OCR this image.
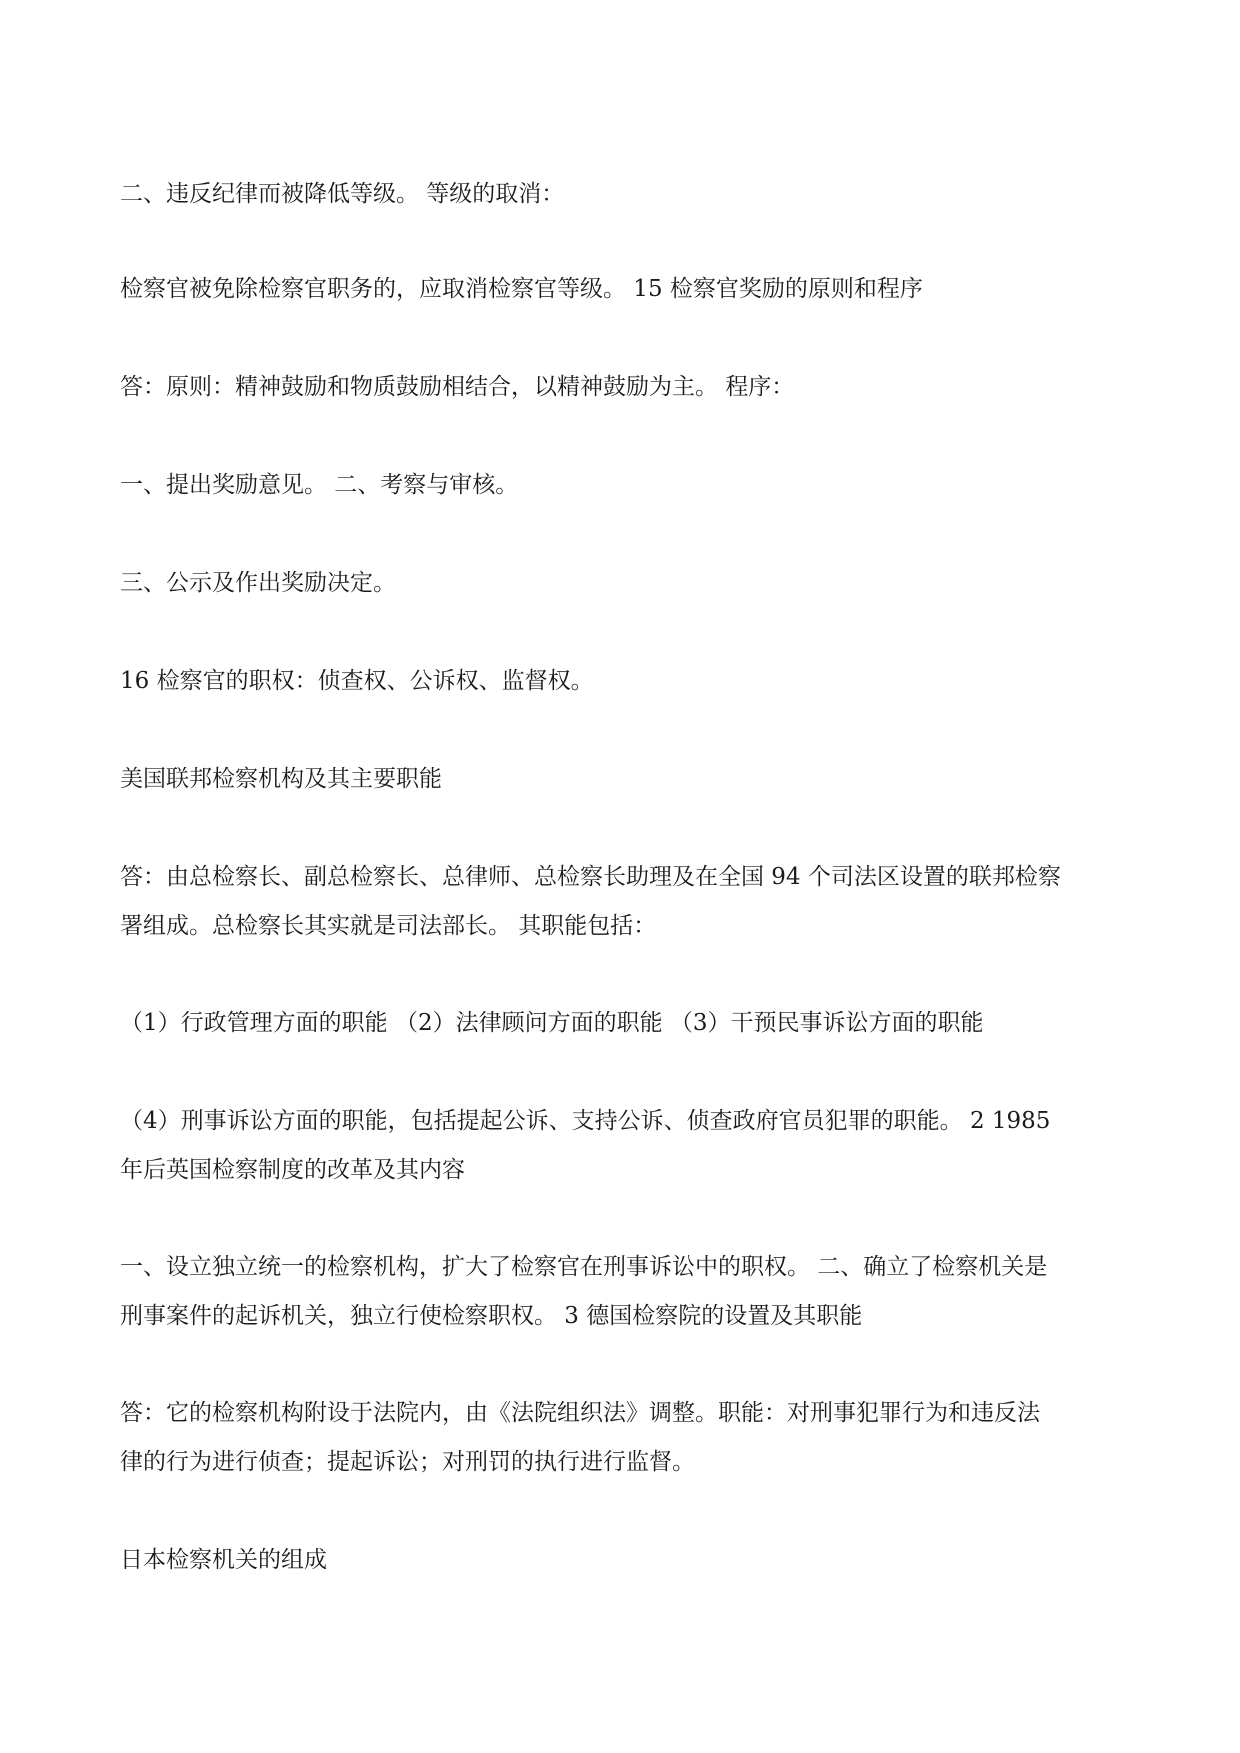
二、违反纪律而被降低等级。 等级的取消：
检察官被免除检察官职务的，应取消检察官等级。 15 检察官奖励的原则和程序
答：原则：精神鼓励和物质鼓励相结合，以精神鼓励为主。 程序：
一、提出奖励意见。 二、考察与审核。
三、公示及作出奖励决定。
16 检察官的职权：侦查权、公诉权、监督权。
美国联邦检察机构及其主要职能
答：由总检察长、副总检察长、总律师、总检察长助理及在全国 94 个司法区设置的联邦检察
署组成。总检察长其实就是司法部长。 其职能包括：
（1）行政管理方面的职能 （2）法律顾问方面的职能 （3）干预民事诉讼方面的职能
（4）刑事诉讼方面的职能，包括提起公诉、支持公诉、侦查政府官员犯罪的职能。 2 1985
年后英国检察制度的改革及其内容
一、设立独立统一的检察机构，扩大了检察官在刑事诉讼中的职权。 二、确立了检察机关是
刑事案件的起诉机关，独立行使检察职权。 3 德国检察院的设置及其职能
答：它的检察机构附设于法院内，由《法院组织法》调整。职能：对刑事犯罪行为和违反法
律的行为进行侦查；提起诉讼；对刑罚的执行进行监督。
日本检察机关的组成
